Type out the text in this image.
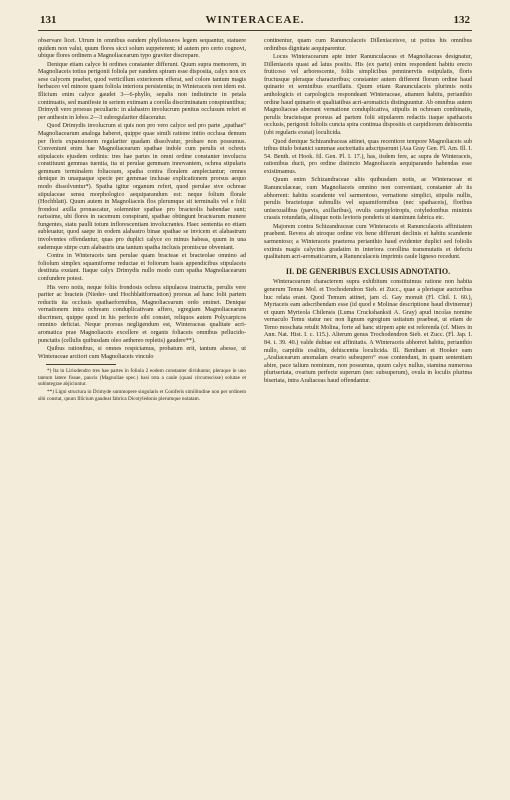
131	WINTERACEAE.	132

observare licet. Utrum in omnibus eandem phyllotaxeos legem sequantur, statuere quidem non valui, quum flores sicci solum suppeterent; id autem pro certo cognovi, ubique flores ordinem a Magnoliacearum typo graviter discrepare.

Denique etiam calyce hi ordines constanter differunt. Quum supra memorem, in Magnoliaceis totius perigonii foliola per eandem spiram esse disposita, calyx non ex sese calycem praebet, quod verticillum exteriorem efferat, sed colore tantum magis herbaceo vel minore quam foliola interiora persistentia; in Winteraceis non idem est. Illicium enim calyce gaudet 3—6-phyllo, sepalis non indistincte in petala continuatis, sed manifeste in seriem extimam a corolla discriminatam conspirantibus; Drimydi vero proesus peculiaris: in alabastro involucrum penitus occlusum refert et per anthesin in lobos 2—3 subregulariter dilaceratur.

Quod Drimydis involucrum si quis non pro vero calyce sed pro parte „spathae“ Magnoliacearum analoga haberet, quippe quae simili ratione initio occlusa demum per floris expansionem regulariter quadam dissolvatur, probare non possumus. Conveniunt enim hae Magnoliacearum spathae indole cum perulis et ochreis stipulaceis ejusdem ordinis: tres hae partes in omni ordine constanter involucra constituunt gemmas tuentia, ita ut perulae gemmam innovantem, ochrea stipularis gemmam terminalem foliaceam, spatha contra floralem amplectantur; omnes denique in unaquaque specie per gemmae inclusae explicationem prorsus aequo modo dissolvuntur*). Spatha igitur organum refert, quod perulae sive ochreae stipulaceae sensu morphologico aequiparandum est: neque folium florale (Hochblatt). Quum autem in Magnoliaceis flos plerumque sit terminalis vel e folii frondosi axilla pronascatur, solemniter spathae pro bracteolis habendae sunt; rarissime, ubi flores in racemum conspirant, spathae obtingunt bractearum munere fungentes, statu paulli totum inflorescentiam involucrantes. Haec sententia eo etiam subleuatur, quod saepe in eodem alabastro binae spathae se invicem et alabastrum involventes offendantur, quas pro duplici calyce eo minus habeas, quum in una eademque stirpe cum alabastris una tantum spatha inclusis promiscue obveniant.

Contra in Winteraceis tam perulae quam bracteae et bracteolae omnino ad foliolum simplex squamiforme reductae et foliorum basis appendicibus stipulaceis destituta exstant. Itaque calyx Drimydis nullo modo cum spatha Magnoliacearum confundere potest.

His vero notis, neque foliis frondosis ochrea stipulacea instructis, perulis vere pariter ac bracteis (Nieder- und Hochblattformation) prorsus ad hanc folii partem reductis ita occlusis spathaeformibus, Magnoliacearum ordo eminet. Denique vernationem intra ochream conduplicativam affero, egregiam Magnoliacearum discrimen, quippe quod in his perfecte sibi constet, reliquos autem Polycarpicos omnino deficiat. Neque prorsus negligendum est, Winteraceas qualitate acri-aromatica prae Magnoliaceis excellere et organis foliaceis omnibus pellucido-punctatis (cellulis quibusdam oleo aethereo repletis) gaudere**).

Quibus rationibus, si omnes respiciamus, probatum erit, tantum abesse, ut Winteraceae arctiori cum Magnoliaceis vinculo

*) Ita in Liriodendro tres hae partes in foliola 2 eodem constanter dividuntur, pleraque in uno tantum latere fissae, paucis (Magnoliae spec.) basi tota a caule (quasi circumscisse) solutae et subintegrae abjiciuntur.

**) Ligni structura in Drimyde summopere singularis et Coniferis similitudine non per ordinem sibi constat, quum Illicium gaudeat fabrica Dicotyledonis plerumque notatam.

continentur, quam cum Ranunculaceis Dilleniaceisve, ut potius his omnibus ordinibus dignitate aequiparentur.

Locus Winteracearum apte inter Ranunculaceas et Magnoliaceas designatur, Dilleniaceis quasi ad latus positis. His (ex parte) enim respondent habitu erecto fruticoso vel arborescente, foliis simplicibus penninerviis estipulatis, floris fructusque pleraque characteribus; constanter autem different florum ordine haud quinario et seminibus exarillatis. Quum etiam Ranunculaceis plurimis notis anthologicis et carpologicis respondeant Winteraceae, attamen habitu, perianthio ordine haud quinario et qualitatibus acri-aromaticis distinguuntur. Ab omnibus autem Magnoliaceae aberrant vernatione conduplicativa, stipulis in ochream combinatis, perulis bracteisque prorsus ad partem folii stipularem redactis itaque spathaceis occlusis, perigonii foliolis cuncta spira continua dispositis et carpidiorum dehiscentia (ubi regularis exstat) loculicida.

Quod denique Schizandraceas attinet, quas recentiore tempore Magnoliaceis sub tribus titulo botanici summae auctoritatis adscripserunt (Asa Gray Gen. Fl. Am. Ill. I. 54. Benth. et Hook. fil. Gen. Pl. I. 17.), has, iisdem fere, ac supra de Winteraceis, rationibus ducti, pro ordine distincto Magnoliaceis aequiparando habendas esse existimamus.

Quum enim Schizandraceae aliis quibusdam notis, ac Winteraceae et Ranunculaceae, cum Magnoliaceis omnino non conveniant, constanter ab iis abhorrent: habitu scandente vel sarmentoso, vernatione simplici, stipulis nullis, perulis bracteisque subnullis vel squamiformibus (nec spathaceis), floribus unisexualibus (parvis, axillaribus), ovulis campylotropis, cotyledonibus minimis crassis rotundatis, aliisque notis levioris ponderis ut staminum fabrica etc.

Majorem contra Schizandraceae cum Winteraceis et Ranunculaceis affinitatem praebent. Revera ab utroque ordine vix bene differunt declinis et habitu scandente sarmentoso; a Winteraceis praeterea perianthio haud evidenter duplici sed foliolis extimis magis calycinis gradatim in interiora corollina transmutatis et defectu qualitatum acri-aromaticarum, a Ranunculaceis imprimis caule ligneso recedunt.

II. DE GENERIBUS EXCLUSIS ADNOTATIO.

Winteracearum characterem supra exhibitum constituimus ratione non habita generum Temus Mol. et Trochodendron Sieb. et Zucc., quae a plerisque auctoribus huc relata erant. Quod Temum attinet, jam cl. Gay monuit (Fl. Chil. I. 60.), Myrtaceis eam adscribendam esse (id quod e Molinae descriptione haud divinemur) et quum Myrteola Chilensis (Luma Cruckshanksii A. Gray) apud incolas nomine vernaculo Temu statur nec non lignum egregium usitatum praebeat, ut etiam de Temo moschata retulit Molina, forte ad hanc stirpem apte est referenda (cf. Miers in Ann. Nat. Hist. I. c. 115.). Alterum genus Trochodendron Sieb. et Zucc. (Fl. Jap. I. 84. t. 39. 40.) valde dubiae est affinitatis. A Winteraceis abhorret habitu, perianthio nullo, carpidiis coalitis, dehiscentia loculicida. Ill. Bentham et Hooker eam „Araliacearum anomalam ovario subsupero“ esse contendunt, in quam sententiam abire, pace talium nominum, non possumus, quum calyx nullus, stamina numerosa pluriseriata, ovarium perfecte superum (nec subsuperum), ovula in loculis plurima biseriata, intra Araliaceas haud offendantur.
